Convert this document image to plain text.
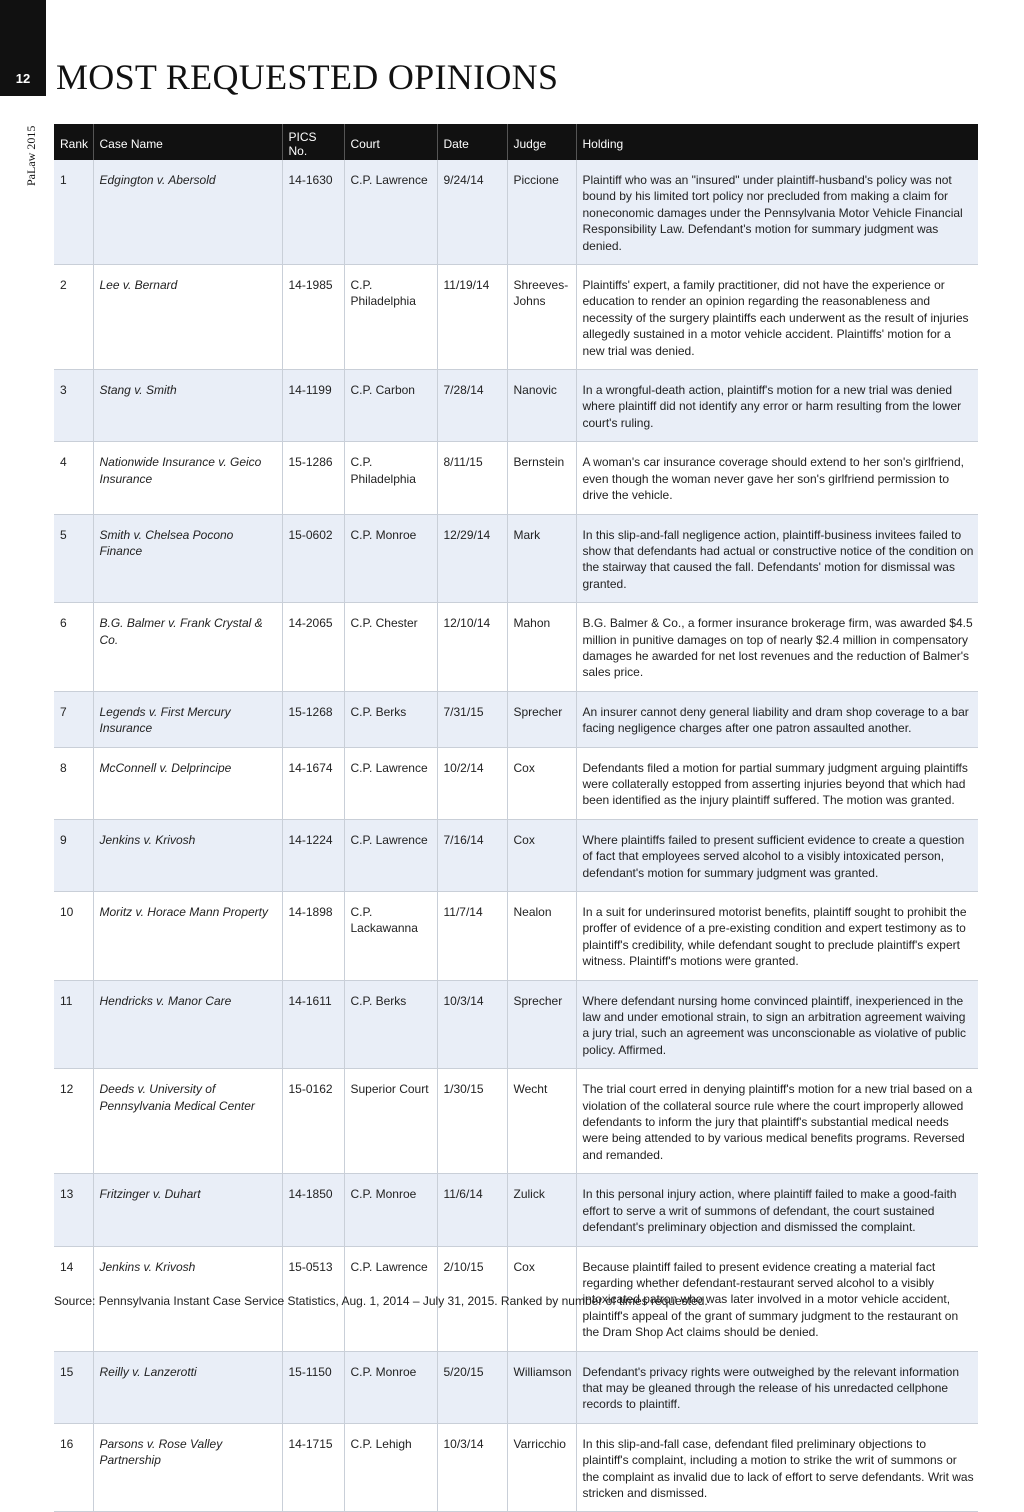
12
PaLaw 2015
MOST REQUESTED OPINIONS
Rank	Case Name	PICS No.	Court	Date	Judge	Holding
1	Edgington v. Abersold	14-1630	C.P. Lawrence	9/24/14	Piccione	Plaintiff who was an "insured" under plaintiff-husband's policy was not bound by his limited tort policy nor precluded from making a claim for noneconomic damages under the Pennsylvania Motor Vehicle Financial Responsibility Law. Defendant's motion for summary judgment was denied.
2	Lee v. Bernard	14-1985	C.P. Philadelphia	11/19/14	Shreeves-Johns	Plaintiffs' expert, a family practitioner, did not have the experience or education to render an opinion regarding the reasonableness and necessity of the surgery plaintiffs each underwent as the result of injuries allegedly sustained in a motor vehicle accident. Plaintiffs' motion for a new trial was denied.
3	Stang v. Smith	14-1199	C.P. Carbon	7/28/14	Nanovic	In a wrongful-death action, plaintiff's motion for a new trial was denied where plaintiff did not identify any error or harm resulting from the lower court's ruling.
4	Nationwide Insurance v. Geico Insurance	15-1286	C.P. Philadelphia	8/11/15	Bernstein	A woman's car insurance coverage should extend to her son's girlfriend, even though the woman never gave her son's girlfriend permission to drive the vehicle.
5	Smith v. Chelsea Pocono Finance	15-0602	C.P. Monroe	12/29/14	Mark	In this slip-and-fall negligence action, plaintiff-business invitees failed to show that defendants had actual or constructive notice of the condition on the stairway that caused the fall. Defendants' motion for dismissal was granted.
6	B.G. Balmer v. Frank Crystal & Co.	14-2065	C.P. Chester	12/10/14	Mahon	B.G. Balmer & Co., a former insurance brokerage firm, was awarded $4.5 million in punitive damages on top of nearly $2.4 million in compensatory damages he awarded for net lost revenues and the reduction of Balmer's sales price.
7	Legends v. First Mercury Insurance	15-1268	C.P. Berks	7/31/15	Sprecher	An insurer cannot deny general liability and dram shop coverage to a bar facing negligence charges after one patron assaulted another.
8	McConnell v. Delprincipe	14-1674	C.P. Lawrence	10/2/14	Cox	Defendants filed a motion for partial summary judgment arguing plaintiffs were collaterally estopped from asserting injuries beyond that which had been identified as the injury plaintiff suffered. The motion was granted.
9	Jenkins v. Krivosh	14-1224	C.P. Lawrence	7/16/14	Cox	Where plaintiffs failed to present sufficient evidence to create a question of fact that employees served alcohol to a visibly intoxicated person, defendant's motion for summary judgment was granted.
10	Moritz v. Horace Mann Property	14-1898	C.P. Lackawanna	11/7/14	Nealon	In a suit for underinsured motorist benefits, plaintiff sought to prohibit the proffer of evidence of a pre-existing condition and expert testimony as to plaintiff's credibility, while defendant sought to preclude plaintiff's expert witness. Plaintiff's motions were granted.
11	Hendricks v. Manor Care	14-1611	C.P. Berks	10/3/14	Sprecher	Where defendant nursing home convinced plaintiff, inexperienced in the law and under emotional strain, to sign an arbitration agreement waiving a jury trial, such an agreement was unconscionable as violative of public policy. Affirmed.
12	Deeds v. University of Pennsylvania Medical Center	15-0162	Superior Court	1/30/15	Wecht	The trial court erred in denying plaintiff's motion for a new trial based on a violation of the collateral source rule where the court improperly allowed defendants to inform the jury that plaintiff's substantial medical needs were being attended to by various medical benefits programs. Reversed and remanded.
13	Fritzinger v. Duhart	14-1850	C.P. Monroe	11/6/14	Zulick	In this personal injury action, where plaintiff failed to make a good-faith effort to serve a writ of summons of defendant, the court sustained defendant's preliminary objection and dismissed the complaint.
14	Jenkins v. Krivosh	15-0513	C.P. Lawrence	2/10/15	Cox	Because plaintiff failed to present evidence creating a material fact regarding whether defendant-restaurant served alcohol to a visibly intoxicated patron who was later involved in a motor vehicle accident, plaintiff's appeal of the grant of summary judgment to the restaurant on the Dram Shop Act claims should be denied.
15	Reilly v. Lanzerotti	15-1150	C.P. Monroe	5/20/15	Williamson	Defendant's privacy rights were outweighed by the relevant information that may be gleaned through the release of his unredacted cellphone records to plaintiff.
16	Parsons v. Rose Valley Partnership	14-1715	C.P. Lehigh	10/3/14	Varricchio	In this slip-and-fall case, defendant filed preliminary objections to plaintiff's complaint, including a motion to strike the writ of summons or the complaint as invalid due to lack of effort to serve defendants. Writ was stricken and dismissed.
Source: Pennsylvania Instant Case Service Statistics, Aug. 1, 2014 – July 31, 2015. Ranked by number of times requested.
